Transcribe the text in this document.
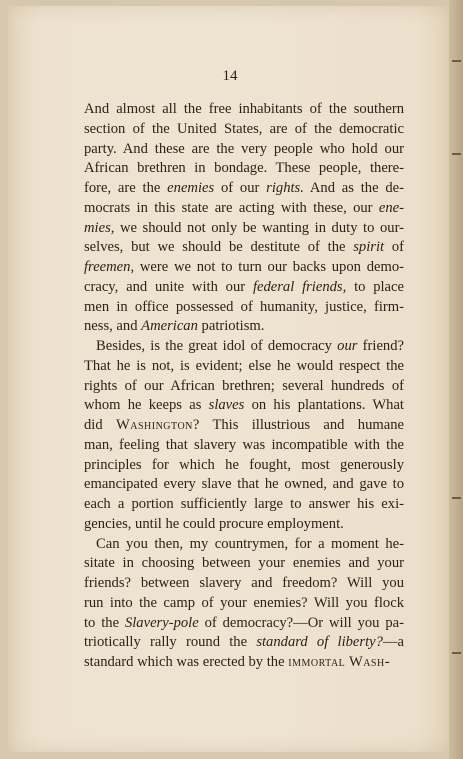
14
And almost all the free inhabitants of the southern
section of the United States, are of the democratic
party. And these are the very people who hold our
African brethren in bondage. These people, there-
fore, are the enemies of our rights. And as the de-
mocrats in this state are acting with these, our ene-
mies, we should not only be wanting in duty to our-
selves, but we should be destitute of the spirit of
freemen, were we not to turn our backs upon demo-
cracy, and unite with our federal friends, to place
men in office possessed of humanity, justice, firm-
ness, and American patriotism.
Besides, is the great idol of democracy our friend?
That he is not, is evident; else he would respect the
rights of our African brethren; several hundreds of
whom he keeps as slaves on his plantations. What
did Washington? This illustrious and humane
man, feeling that slavery was incompatible with the
principles for which he fought, most generously
emancipated every slave that he owned, and gave to
each a portion sufficiently large to answer his exi-
gencies, until he could procure employment.
Can you then, my countrymen, for a moment he-
sitate in choosing between your enemies and your
friends? between slavery and freedom? Will you
run into the camp of your enemies? Will you flock
to the Slavery-pole of democracy?—Or will you pa-
triotically rally round the standard of liberty?—a
standard which was erected by the immortal Wash-
